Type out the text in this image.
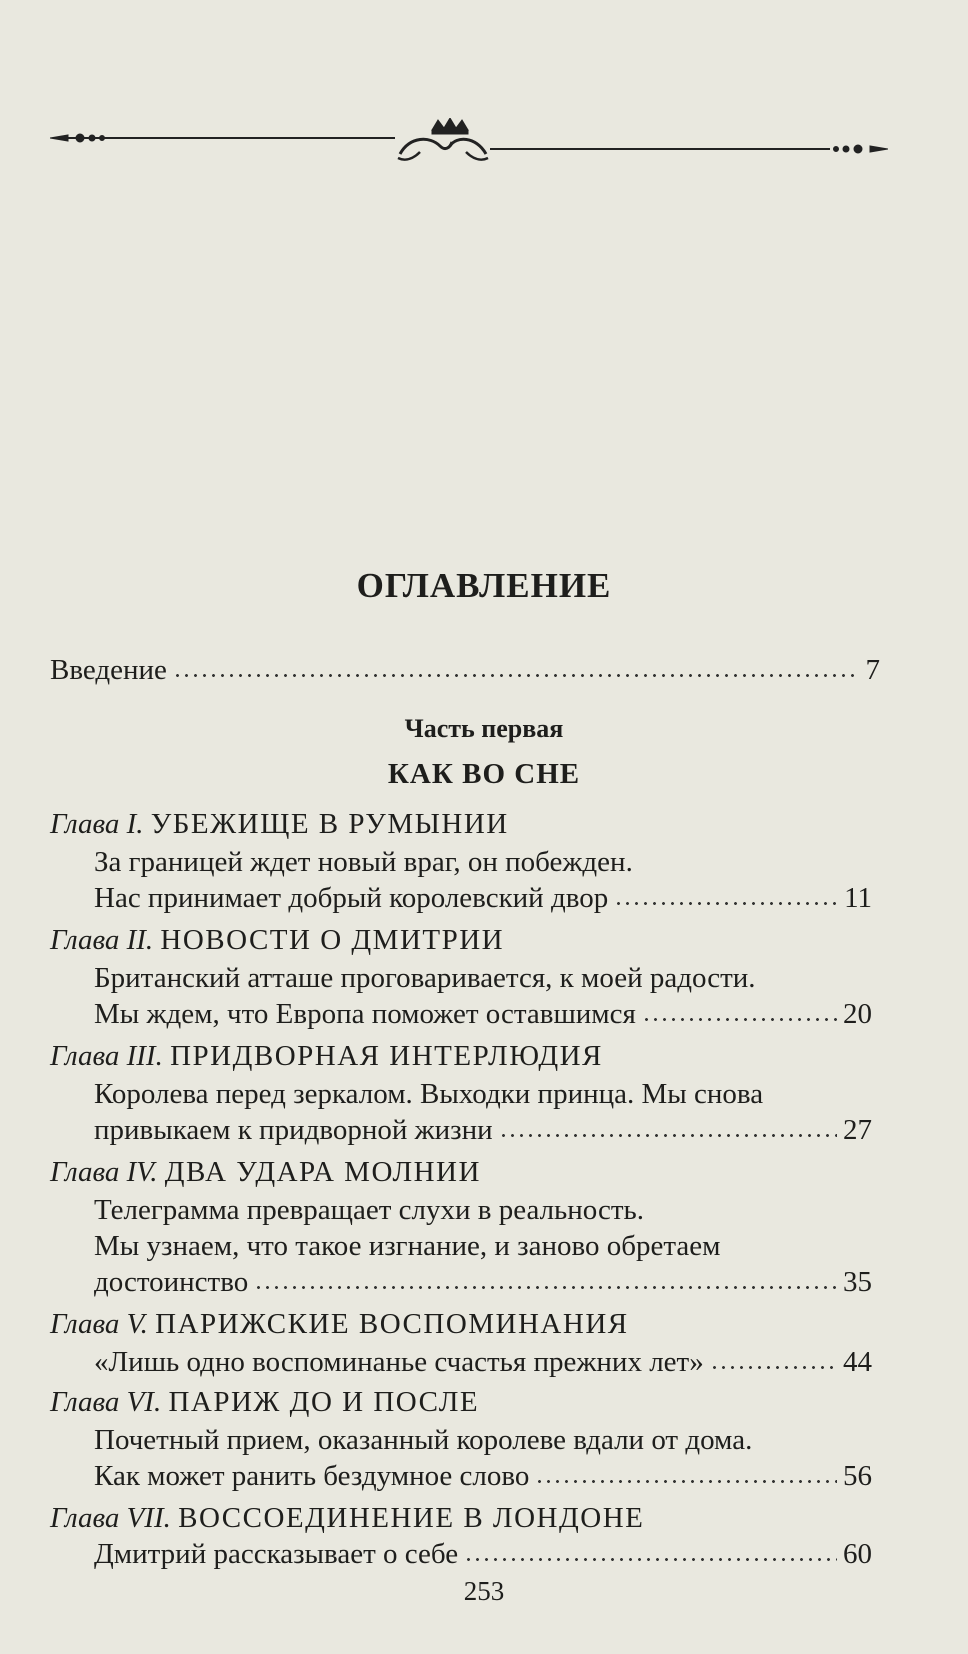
ОГЛАВЛЕНИЕ
Введение	7
Часть первая
КАК ВО СНЕ
Глава I. УБЕЖИЩЕ В РУМЫНИИ
За границей ждет новый враг, он побежден.
Нас принимает добрый королевский двор	11
Глава II. НОВОСТИ О ДМИТРИИ
Британский атташе проговаривается, к моей радости.
Мы ждем, что Европа поможет оставшимся	20
Глава III. ПРИДВОРНАЯ ИНТЕРЛЮДИЯ
Королева перед зеркалом. Выходки принца. Мы снова
привыкаем к придворной жизни	27
Глава IV. ДВА УДАРА МОЛНИИ
Телеграмма превращает слухи в реальность.
Мы узнаем, что такое изгнание, и заново обретаем
достоинство	35
Глава V. ПАРИЖСКИЕ ВОСПОМИНАНИЯ
«Лишь одно воспоминанье счастья прежних лет»	44
Глава VI. ПАРИЖ ДО И ПОСЛЕ
Почетный прием, оказанный королеве вдали от дома.
Как может ранить бездумное слово	56
Глава VII. ВОССОЕДИНЕНИЕ В ЛОНДОНЕ
Дмитрий рассказывает о себе	60
253
